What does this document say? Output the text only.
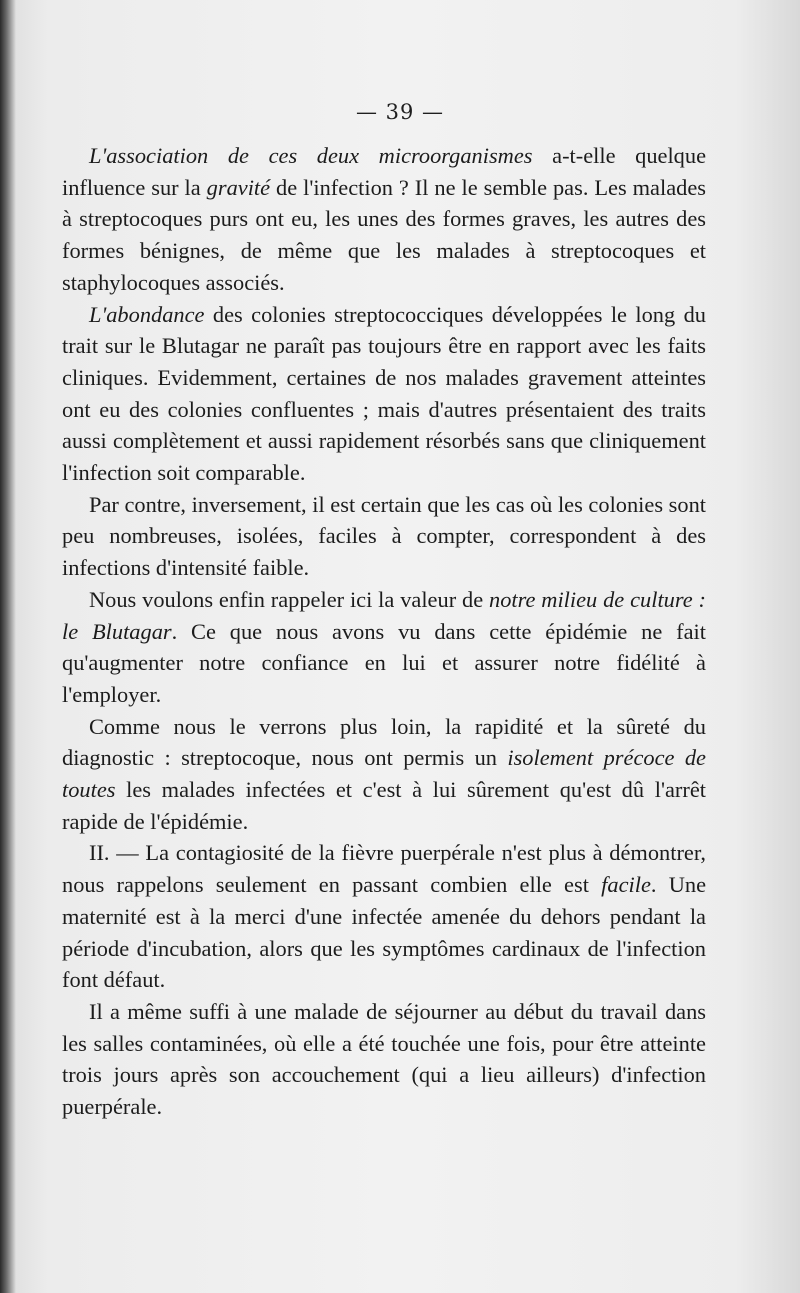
— 39 —

L'association de ces deux microorganismes a-t-elle quelque influence sur la gravité de l'infection ? Il ne le semble pas. Les malades à streptocoques purs ont eu, les unes des formes graves, les autres des formes bénignes, de même que les malades à streptocoques et staphylocoques associés.

L'abondance des colonies streptococciques développées le long du trait sur le Blutagar ne paraît pas toujours être en rapport avec les faits cliniques. Evidemment, certaines de nos malades gravement atteintes ont eu des colonies confluentes ; mais d'autres présentaient des traits aussi complètement et aussi rapidement résorbés sans que cliniquement l'infection soit comparable.

Par contre, inversement, il est certain que les cas où les colonies sont peu nombreuses, isolées, faciles à compter, correspondent à des infections d'intensité faible.

Nous voulons enfin rappeler ici la valeur de notre milieu de culture : le Blutagar. Ce que nous avons vu dans cette épidémie ne fait qu'augmenter notre confiance en lui et assurer notre fidélité à l'employer.

Comme nous le verrons plus loin, la rapidité et la sûreté du diagnostic : streptocoque, nous ont permis un isolement précoce de toutes les malades infectées et c'est à lui sûrement qu'est dû l'arrêt rapide de l'épidémie.

II. — La contagiosité de la fièvre puerpérale n'est plus à démontrer, nous rappelons seulement en passant combien elle est facile. Une maternité est à la merci d'une infectée amenée du dehors pendant la période d'incubation, alors que les symptômes cardinaux de l'infection font défaut.

Il a même suffi à une malade de séjourner au début du travail dans les salles contaminées, où elle a été touchée une fois, pour être atteinte trois jours après son accouchement (qui a lieu ailleurs) d'infection puerpérale.
